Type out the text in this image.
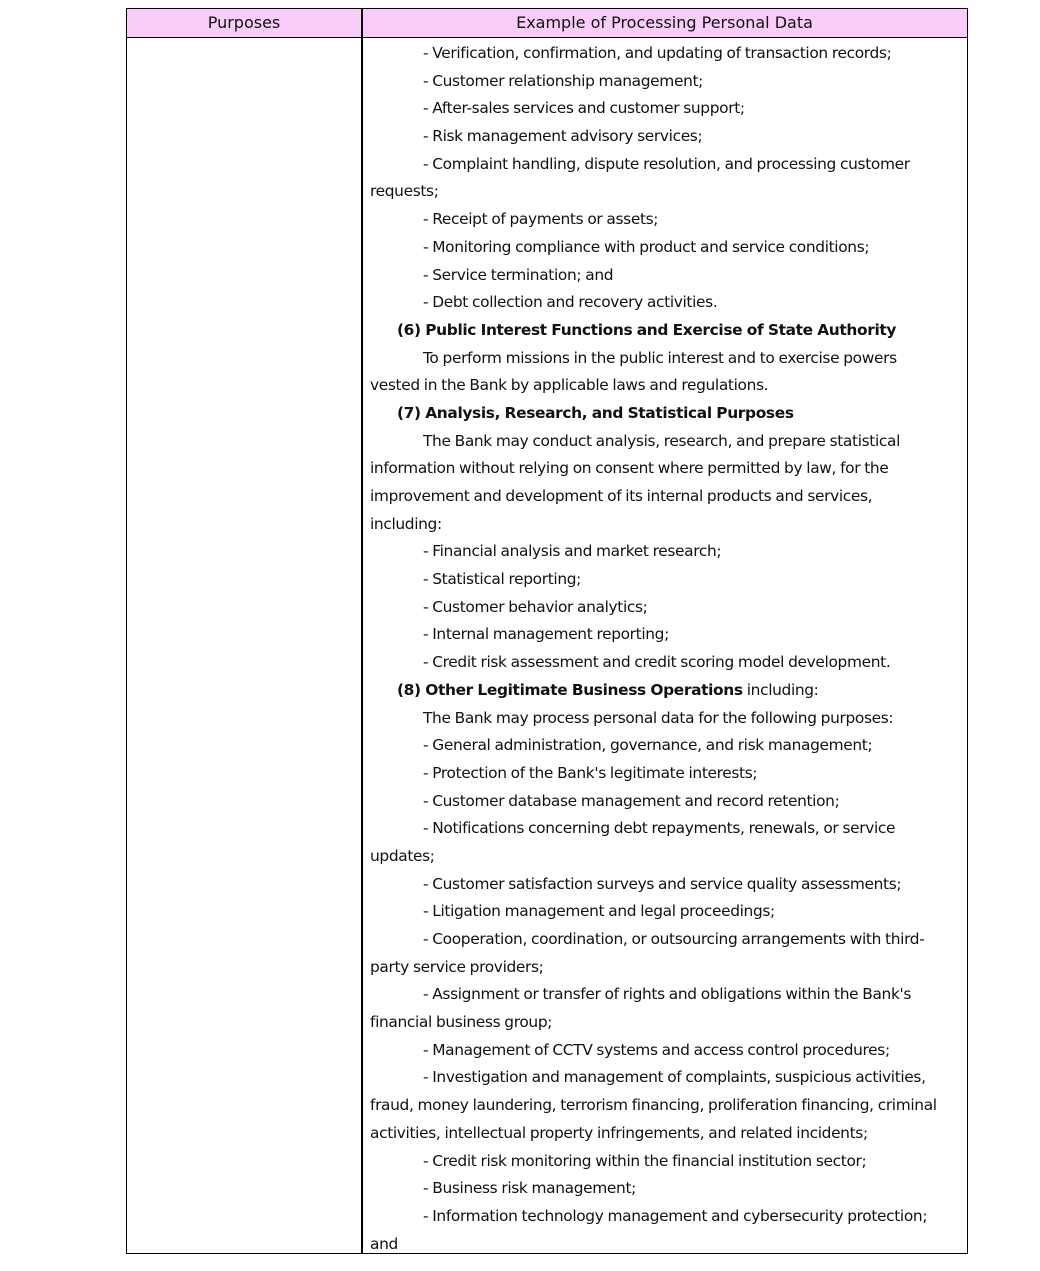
Purposes	Example of Processing Personal Data
- Verification, confirmation, and updating of transaction records;
- Customer relationship management;
- After-sales services and customer support;
- Risk management advisory services;
- Complaint handling, dispute resolution, and processing customer
requests;
- Receipt of payments or assets;
- Monitoring compliance with product and service conditions;
- Service termination; and
- Debt collection and recovery activities.
(6) Public Interest Functions and Exercise of State Authority
To perform missions in the public interest and to exercise powers
vested in the Bank by applicable laws and regulations.
(7) Analysis, Research, and Statistical Purposes
The Bank may conduct analysis, research, and prepare statistical
information without relying on consent where permitted by law, for the
improvement and development of its internal products and services,
including:
- Financial analysis and market research;
- Statistical reporting;
- Customer behavior analytics;
- Internal management reporting;
- Credit risk assessment and credit scoring model development.
(8) Other Legitimate Business Operations including:
The Bank may process personal data for the following purposes:
- General administration, governance, and risk management;
- Protection of the Bank's legitimate interests;
- Customer database management and record retention;
- Notifications concerning debt repayments, renewals, or service
updates;
- Customer satisfaction surveys and service quality assessments;
- Litigation management and legal proceedings;
- Cooperation, coordination, or outsourcing arrangements with third-
party service providers;
- Assignment or transfer of rights and obligations within the Bank's
financial business group;
- Management of CCTV systems and access control procedures;
- Investigation and management of complaints, suspicious activities,
fraud, money laundering, terrorism financing, proliferation financing, criminal
activities, intellectual property infringements, and related incidents;
- Credit risk monitoring within the financial institution sector;
- Business risk management;
- Information technology management and cybersecurity protection;
and
